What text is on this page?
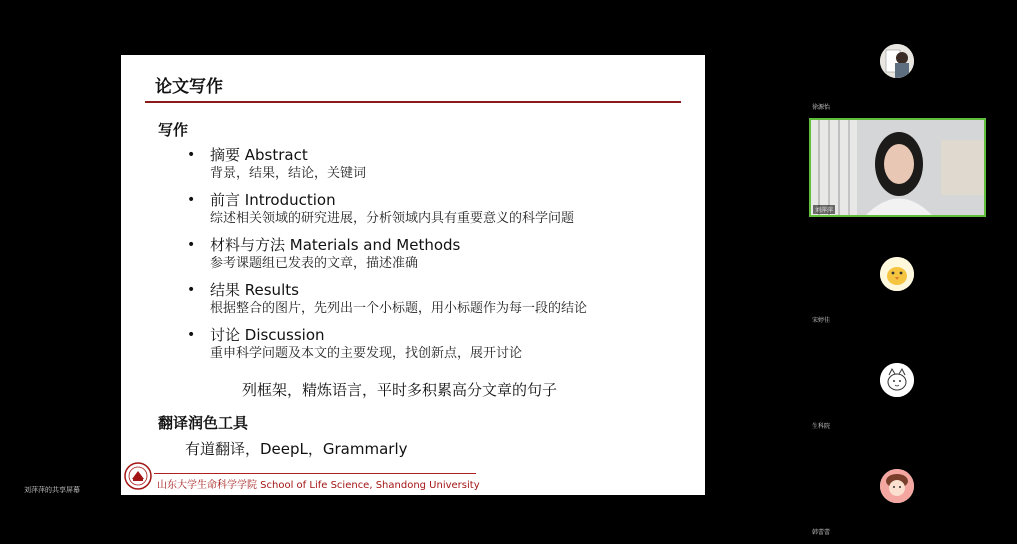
论文写作
写作
• 摘要 Abstract
背景，结果，结论，关键词
• 前言 Introduction
综述相关领域的研究进展，分析领域内具有重要意义的科学问题
• 材料与方法 Materials and Methods
参考课题组已发表的文章，描述准确
• 结果 Results
根据整合的图片，先列出一个小标题，用小标题作为每一段的结论
• 讨论 Discussion
重申科学问题及本文的主要发现，找创新点，展开讨论
列框架，精炼语言，平时多积累高分文章的句子
翻译润色工具
有道翻译，DeepL，Grammarly
山东大学生命科学学院 School of Life Science, Shandong University
刘萍萍的共享屏幕
徐源怡
刘萍萍
宋婷佳
生科院
韩蕾蕾
